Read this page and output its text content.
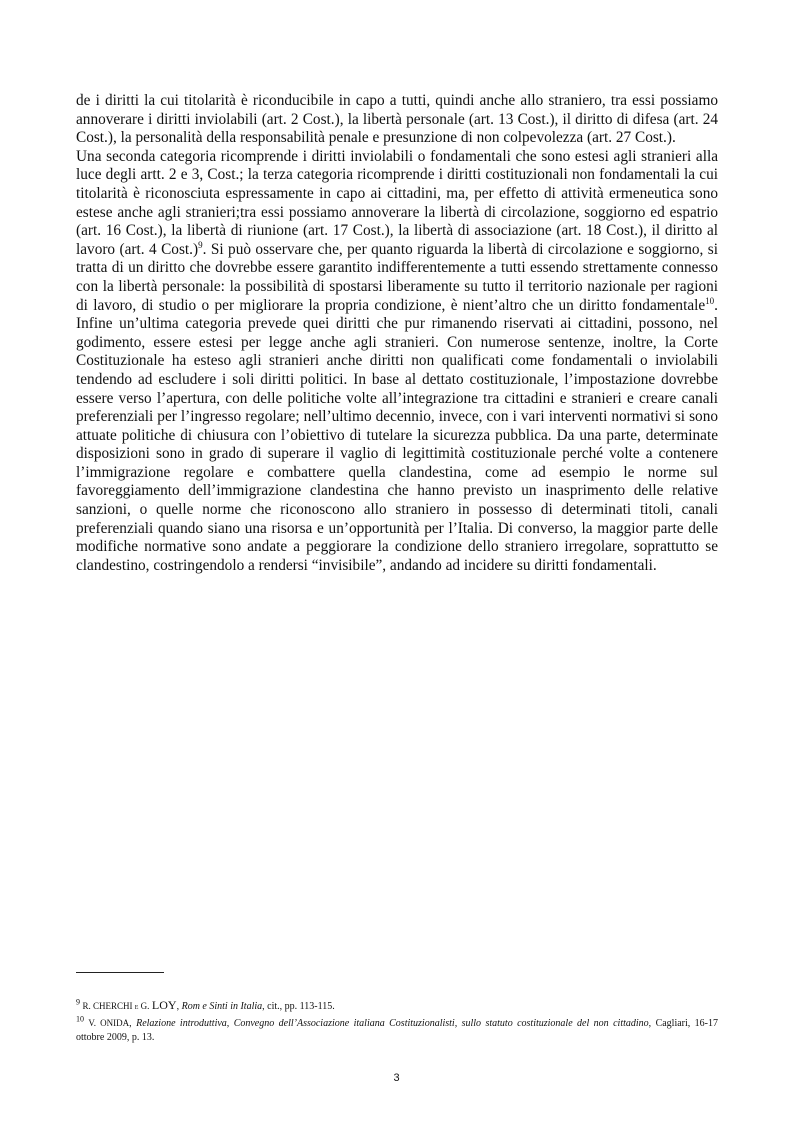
de i diritti la cui titolarità è riconducibile in capo a tutti, quindi anche allo straniero, tra essi possiamo annoverare i diritti inviolabili (art. 2 Cost.), la libertà personale (art. 13 Cost.), il diritto di difesa (art. 24 Cost.), la personalità della responsabilità penale e presunzione di non colpevolezza (art. 27 Cost.).

Una seconda categoria ricomprende i diritti inviolabili o fondamentali che sono estesi agli stranieri alla luce degli artt. 2 e 3, Cost.; la terza categoria ricomprende i diritti costituzionali non fondamentali la cui titolarità è riconosciuta espressamente in capo ai cittadini, ma, per effetto di attività ermeneutica sono estese anche agli stranieri;tra essi possiamo annoverare la libertà di circolazione, soggiorno ed espatrio (art. 16 Cost.), la libertà di riunione (art. 17 Cost.), la libertà di associazione (art. 18 Cost.), il diritto al lavoro (art. 4 Cost.)$^9$. Si può osservare che, per quanto riguarda la libertà di circolazione e soggiorno, si tratta di un diritto che dovrebbe essere garantito indifferentemente a tutti essendo strettamente connesso con la libertà personale: la possibilità di spostarsi liberamente su tutto il territorio nazionale per ragioni di lavoro, di studio o per migliorare la propria condizione, è nient’altro che un diritto fondamentale$^{10}$. Infine un’ultima categoria prevede quei diritti che pur rimanendo riservati ai cittadini, possono, nel godimento, essere estesi per legge anche agli stranieri. Con numerose sentenze, inoltre, la Corte Costituzionale ha esteso agli stranieri anche diritti non qualificati come fondamentali o inviolabili tendendo ad escludere i soli diritti politici. In base al dettato costituzionale, l’impostazione dovrebbe essere verso l’apertura, con delle politiche volte all’integrazione tra cittadini e stranieri e creare canali preferenziali per l’ingresso regolare; nell’ultimo decennio, invece, con i vari interventi normativi si sono attuate politiche di chiusura con l’obiettivo di tutelare la sicurezza pubblica. Da una parte, determinate disposizioni sono in grado di superare il vaglio di legittimità costituzionale perché volte a contenere l’immigrazione regolare e combattere quella clandestina, come ad esempio le norme sul favoreggiamento dell’immigrazione clandestina che hanno previsto un inasprimento delle relative sanzioni, o quelle norme che riconoscono allo straniero in possesso di determinati titoli, canali preferenziali quando siano una risorsa e un’opportunità per l’Italia. Di converso, la maggior parte delle modifiche normative sono andate a peggiorare la condizione dello straniero irregolare, soprattutto se clandestino, costringendolo a rendersi “invisibile”, andando ad incidere su diritti fondamentali.

$^9$ R. CHERCHI e G. LOY, Rom e Sinti in Italia, cit., pp. 113-115.

$^{10}$ V. ONIDA, Relazione introduttiva, Convegno dell’Associazione italiana Costituzionalisti, sullo statuto costituzionale del non cittadino, Cagliari, 16-17 ottobre 2009, p. 13.

3
